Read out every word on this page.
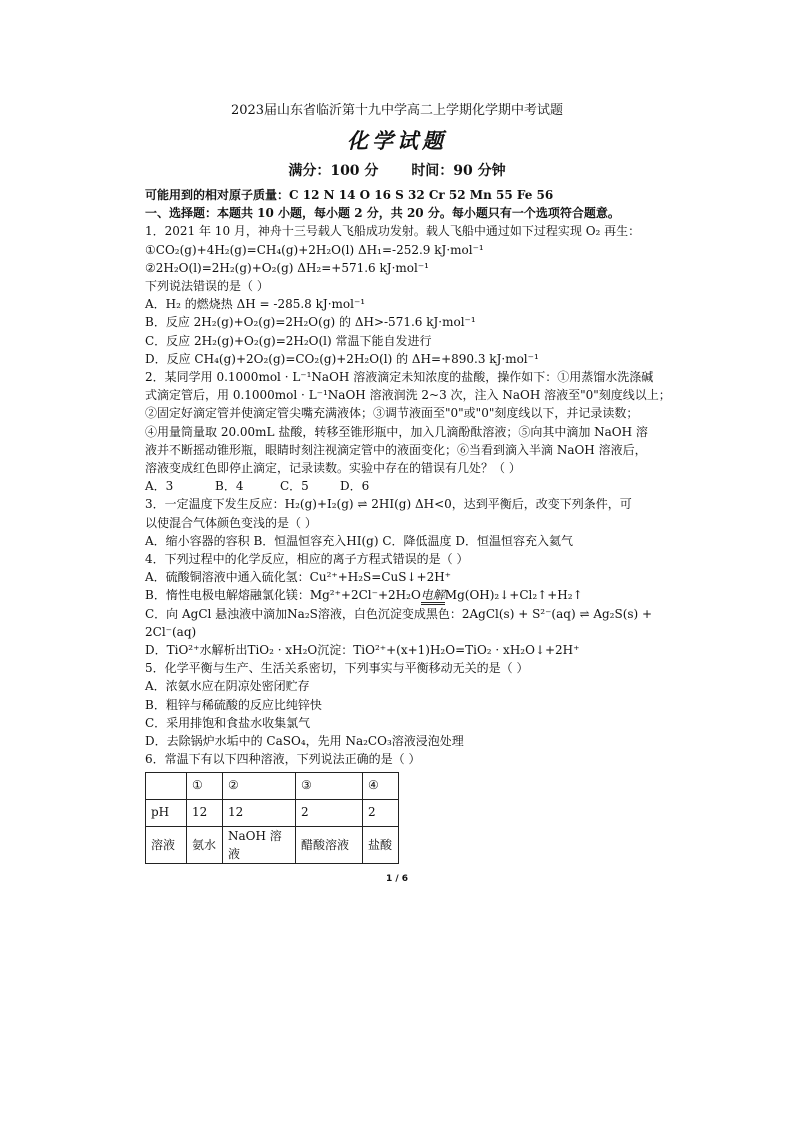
2023届山东省临沂第十九中学高二上学期化学期中考试题
化学试题
满分：100 分 时间：90 分钟
可能用到的相对原子质量：C 12 N 14 O 16 S 32 Cr 52 Mn 55 Fe 56
一、选择题：本题共 10 小题，每小题 2 分，共 20 分。每小题只有一个选项符合题意。
1．2021 年 10 月，神舟十三号载人飞船成功发射。载人飞船中通过如下过程实现 O₂ 再生：
①CO₂(g)+4H₂(g)=CH₄(g)+2H₂O(l) ΔH₁=-252.9 kJ·mol⁻¹
②2H₂O(l)=2H₂(g)+O₂(g) ΔH₂=+571.6 kJ·mol⁻¹
下列说法错误的是（ ）
A．H₂ 的燃烧热 ΔH = -285.8 kJ·mol⁻¹
B．反应 2H₂(g)+O₂(g)=2H₂O(g) 的 ΔH>-571.6 kJ·mol⁻¹
C．反应 2H₂(g)+O₂(g)=2H₂O(l) 常温下能自发进行
D．反应 CH₄(g)+2O₂(g)=CO₂(g)+2H₂O(l) 的 ΔH=+890.3 kJ·mol⁻¹
2．某同学用 0.1000mol · L⁻¹NaOH 溶液滴定未知浓度的盐酸，操作如下：①用蒸馏水洗涤碱
式滴定管后，用 0.1000mol · L⁻¹NaOH 溶液润洗 2~3 次，注入 NaOH 溶液至"0"刻度线以上；
②固定好滴定管并使滴定管尖嘴充满液体；③调节液面至"0"或"0"刻度线以下，并记录读数；
④用量筒量取 20.00mL 盐酸，转移至锥形瓶中，加入几滴酚酞溶液；⑤向其中滴加 NaOH 溶
液并不断摇动锥形瓶，眼睛时刻注视滴定管中的液面变化；⑥当看到滴入半滴 NaOH 溶液后，
溶液变成红色即停止滴定，记录读数。实验中存在的错误有几处？（ ）
A．3	B．4	C．5	D．6
3．一定温度下发生反应：H₂(g)+I₂(g) ⇌ 2HI(g) ΔH<0，达到平衡后，改变下列条件，可
以使混合气体颜色变浅的是（ ）
A．缩小容器的容积 B．恒温恒容充入HI(g) C．降低温度 D．恒温恒容充入氦气
4．下列过程中的化学反应，相应的离子方程式错误的是（ ）
A．硫酸铜溶液中通入硫化氢：Cu²⁺+H₂S=CuS↓+2H⁺
B．惰性电极电解熔融氯化镁：Mg²⁺+2Cl⁻+2H₂O电解Mg(OH)₂↓+Cl₂↑+H₂↑
C．向 AgCl 悬浊液中滴加Na₂S溶液，白色沉淀变成黑色：2AgCl(s) + S²⁻(aq) ⇌ Ag₂S(s) +
2Cl⁻(aq)
D．TiO²⁺水解析出TiO₂ · xH₂O沉淀：TiO²⁺+(x+1)H₂O=TiO₂ · xH₂O↓+2H⁺
5．化学平衡与生产、生活关系密切，下列事实与平衡移动无关的是（ ）
A．浓氨水应在阴凉处密闭贮存
B．粗锌与稀硫酸的反应比纯锌快
C．采用排饱和食盐水收集氯气
D．去除锅炉水垢中的 CaSO₄，先用 Na₂CO₃溶液浸泡处理
6．常温下有以下四种溶液，下列说法正确的是（ ）
	①	②	③	④
pH	12	12	2	2
溶液	氨水	NaOH 溶液	醋酸溶液	盐酸
1 / 6
